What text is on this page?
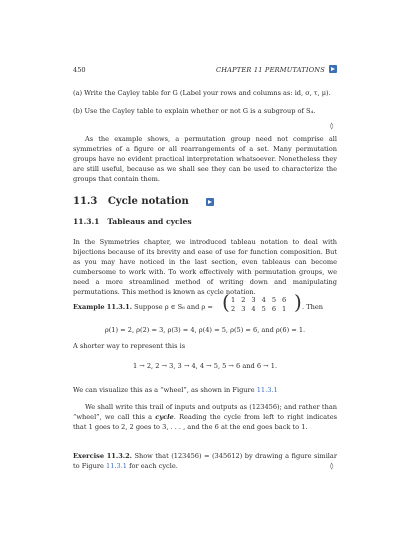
450	CHAPTER 11 PERMUTATIONS
(a) Write the Cayley table for G (Label your rows and columns as: id, σ, τ, μ).
(b) Use the Cayley table to explain whether or not G is a subgroup of S₄.
◊
As the example shows, a permutation group need not comprise all symmetries of a figure or all rearrangements of a set. Many permutation groups have no evident practical interpretation whatsoever. Nonetheless they are still useful, because as we shall see they can be used to characterize the groups that contain them.
11.3 Cycle notation
11.3.1 Tableaus and cycles
In the Symmetries chapter, we introduced tableau notation to deal with bijections because of its brevity and ease of use for function composition. But as you may have noticed in the last section, even tableaus can become cumbersome to work with. To work effectively with permutation groups, we need a more streamlined method of writing down and manipulating permutations. This method is known as cycle notation.
Example 11.3.1. Suppose ρ ∈ S₆ and ρ = ( 1 2 3 4 5 6
2 3 4 5 6 1 ) . Then
ρ(1) = 2, ρ(2) = 3, ρ(3) = 4, ρ(4) = 5, ρ(5) = 6, and ρ(6) = 1.
A shorter way to represent this is
1 → 2, 2 → 3, 3 → 4, 4 → 5, 5 → 6 and 6 → 1.
We can visualize this as a “wheel”, as shown in Figure 11.3.1
We shall write this trail of inputs and outputs as (123456); and rather than “wheel”, we call this a cycle. Reading the cycle from left to right indicates that 1 goes to 2, 2 goes to 3, . . . , and the 6 at the end goes back to 1.
Exercise 11.3.2. Show that (123456) = (345612) by drawing a figure similar to Figure 11.3.1 for each cycle.	◊
